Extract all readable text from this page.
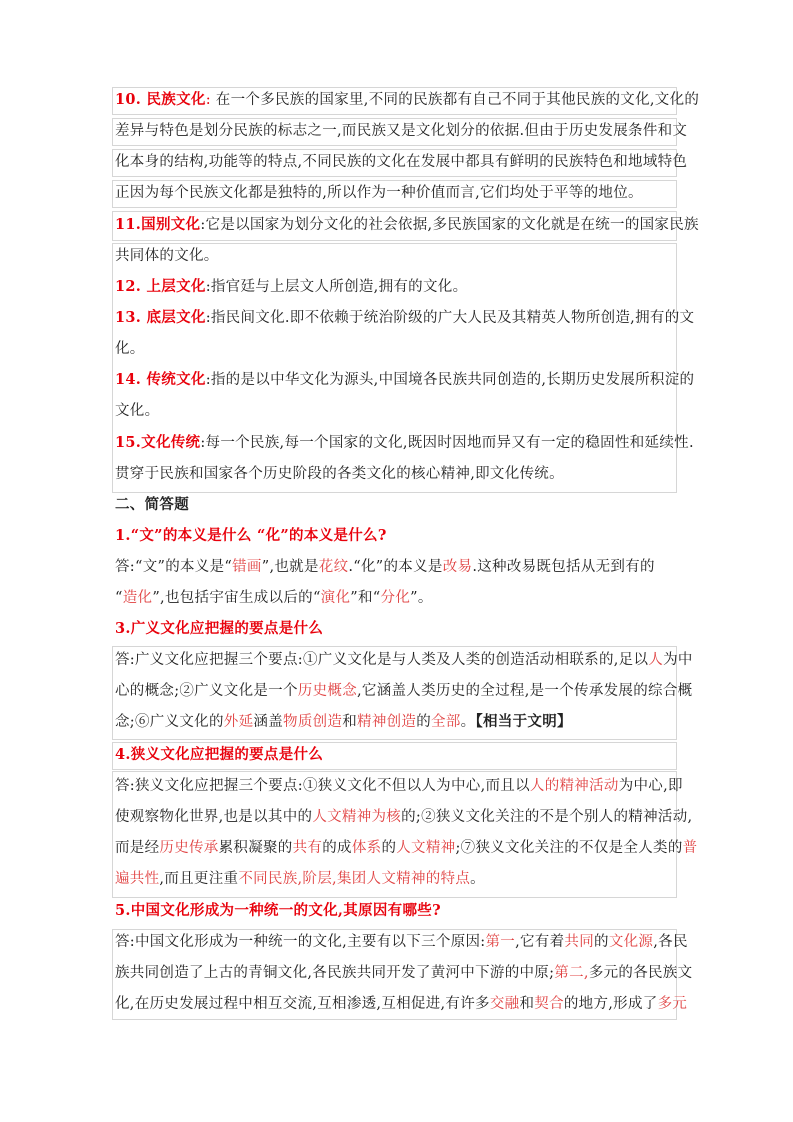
10. 民族文化: 在一个多民族的国家里,不同的民族都有自己不同于其他民族的文化,文化的
差异与特色是划分民族的标志之一,而民族又是文化划分的依据.但由于历史发展条件和文
化本身的结构,功能等的特点,不同民族的文化在发展中都具有鲜明的民族特色和地域特色
正因为每个民族文化都是独特的,所以作为一种价值而言,它们均处于平等的地位。
11.国别文化:它是以国家为划分文化的社会依据,多民族国家的文化就是在统一的国家民族
共同体的文化。
12. 上层文化:指官廷与上层文人所创造,拥有的文化。
13. 底层文化:指民间文化.即不依赖于统治阶级的广大人民及其精英人物所创造,拥有的文
化。
14. 传统文化:指的是以中华文化为源头,中国境各民族共同创造的,长期历史发展所积淀的
文化。
15.文化传统:每一个民族,每一个国家的文化,既因时因地而异又有一定的稳固性和延续性.
贯穿于民族和国家各个历史阶段的各类文化的核心精神,即文化传统。
二、简答题
1.“文”的本义是什么 “化”的本义是什么?
答:“文”的本义是“错画”,也就是花纹.“化”的本义是改易.这种改易既包括从无到有的
“造化”,也包括宇宙生成以后的“演化”和“分化”。
3.广义文化应把握的要点是什么
答:广义文化应把握三个要点:①广义文化是与人类及人类的创造活动相联系的,足以人为中
心的概念;②广义文化是一个历史概念,它涵盖人类历史的全过程,是一个传承发展的综合概
念;⑥广义文化的外延涵盖物质创造和精神创造的全部。【相当于文明】
4.狭义文化应把握的要点是什么
答:狭义文化应把握三个要点:①狭义文化不但以人为中心,而且以人的精神活动为中心,即
使观察物化世界,也是以其中的人文精神为核的;②狭义文化关注的不是个别人的精神活动,
而是经历史传承累积凝聚的共有的成体系的人文精神;⑦狭义文化关注的不仅是全人类的普
遍共性,而且更注重不同民族,阶层,集团人文精神的特点。
5.中国文化形成为一种统一的文化,其原因有哪些?
答:中国文化形成为一种统一的文化,主要有以下三个原因:第一,它有着共同的文化源,各民
族共同创造了上古的青铜文化,各民族共同开发了黄河中下游的中原;第二,多元的各民族文
化,在历史发展过程中相互交流,互相渗透,互相促进,有许多交融和契合的地方,形成了多元
